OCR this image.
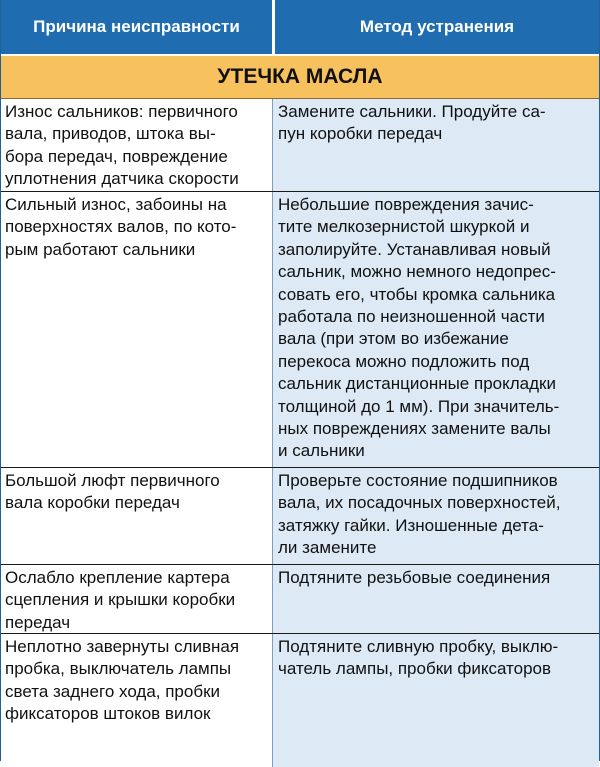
Причина неисправности	Метод устранения
УТЕЧКА МАСЛА

Износ сальников: первичного

вала, приводов, штока вы-

бора передач, повреждение

уплотнения датчика скорости

Замените сальники. Продуйте са-

пун коробки передач

Сильный износ, забоины на

поверхностях валов, по кото-

рым работают сальники

Небольшие повреждения зачис-

тите мелкозернистой шкуркой и

заполируйте. Устанавливая новый

сальник, можно немного недопрес-

совать его, чтобы кромка сальника

работала по неизношенной части

вала (при этом во избежание

перекоса можно подложить под

сальник дистанционные прокладки

толщиной до 1 мм). При значитель-

ных повреждениях замените валы

и сальники

Большой люфт первичного

вала коробки передач

Проверьте состояние подшипников

вала, их посадочных поверхностей,

затяжку гайки. Изношенные дета-

ли замените

Ослабло крепление картера

сцепления и крышки коробки

передач

Подтяните резьбовые соединения

Неплотно завернуты сливная

пробка, выключатель лампы

света заднего хода, пробки

фиксаторов штоков вилок

Подтяните сливную пробку, выклю-

чатель лампы, пробки фиксаторов
